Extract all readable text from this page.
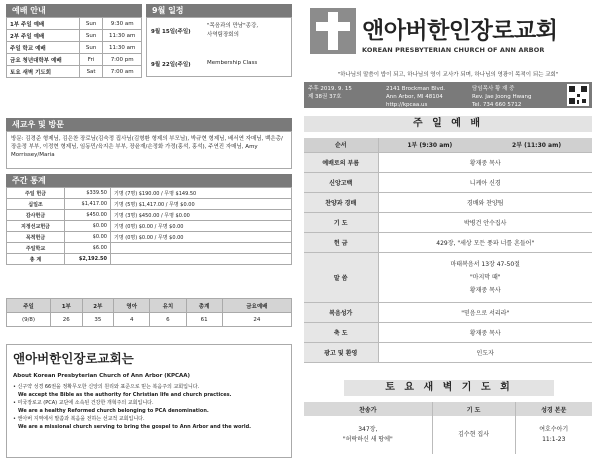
예배 안내
1부 주일 예배	Sun	9:30 am
2부 주일 예배	Sun	11:30 am
주일 학교 예배	Sun	11:30 am
금요 청년대학부 예배	Fri	7:00 pm
토요 새벽 기도회	Sat	7:00 am
9월 일정
9월 15일(주일)
"목음과의 만남"종강,
사역팀장회의
9월 22일(주일)	Membership Class
새교우 및 방문
방문: 김경준 형제님, 김은찬 장로님(김숙정 집사님(김형환 형제의 부모님), 박규현 형제님, 배서연 자매님, 백은총/장운정 부부, 이정현 형제님, 임동민/육지은 부부, 장윤재/손정화 가정(홍석, 홍석), 주연진 자매님, Amy Morrissey/Maria
주간 통계
주일 헌금	$339.50	기명 (7명) $190.00 / 무명 $149.50
십일조	$1,417.00	기명 (5명) $1,417.00 / 무명 $0.00
감사헌금	$450.00	기명 (3명) $450.00 / 무명 $0.00
지정선교헌금	$0.00	기명 (0명) $0.00 / 무명 $0.00
목적헌금	$0.00	기명 (0명) $0.00 / 무명 $0.00
주일학교	$6.00	
총 계	$2,192.50	
주일	1부	2부	영아	유치	총계	금요예배
(9/8)	26	35	4	6	61	24
앤아버한인장로교회는
About Korean Presbyterian Church of Ann Arbor (KPCAA)
• 신구약 성경 66권을 정확무오한 신앙의 원리와 표준으로 믿는 복음주의 교회입니다.
We accept the Bible as the authority for Christian life and church practices.
• 미국장로교 (PCA) 교단에 소속된 건강한 개혁주의 교회입니다.
We are a healthy Reformed church belonging to PCA denomination.
• 앤아버 지역에서 말씀과 복음을 전하는 선교적 교회입니다.
We are a missional church serving to bring the gospel to Ann Arbor and the world.
앤아버한인장로교회
KOREAN PRESBYTERIAN CHURCH OF ANN ARBOR
"하나님의 말씀이 밥이 되고, 하나님의 영이 교사가 되며, 하나님의 영광이 목적이 되는 교회"
주후 2019. 9. 15
제 38권 37호
2141 Brockman Blvd.
Ann Arbor, MI 48104
http://kpcaa.us
담임목사 황 재 중
Rev. Jae Joong Hwang
Tel. 734 660 5712
주 일 예 배
순서	1부 (9:30 am)	2부 (11:30 am)
예배로의 부름	황재중 목사	
신앙고백	니케아 신경	
찬양과 경배	경배와 찬양팀	
기 도	박병건 안수집사	
헌 금	429장, "세상 모든 풍파 너를 흔들어"	
말 씀	마태복음서 13장 47-50절
"마지막 때"
황재중 목사	

복음성가	"믿음으로 서리라"	
축 도	황재중 목사	
광고 및 환영	인도자	
토 요 새 벽 기 도 회
찬송가	기 도	성경 본문
347장,
"허락하신 새 땅에"	김수현 집사	여호수아기
11:1-23
